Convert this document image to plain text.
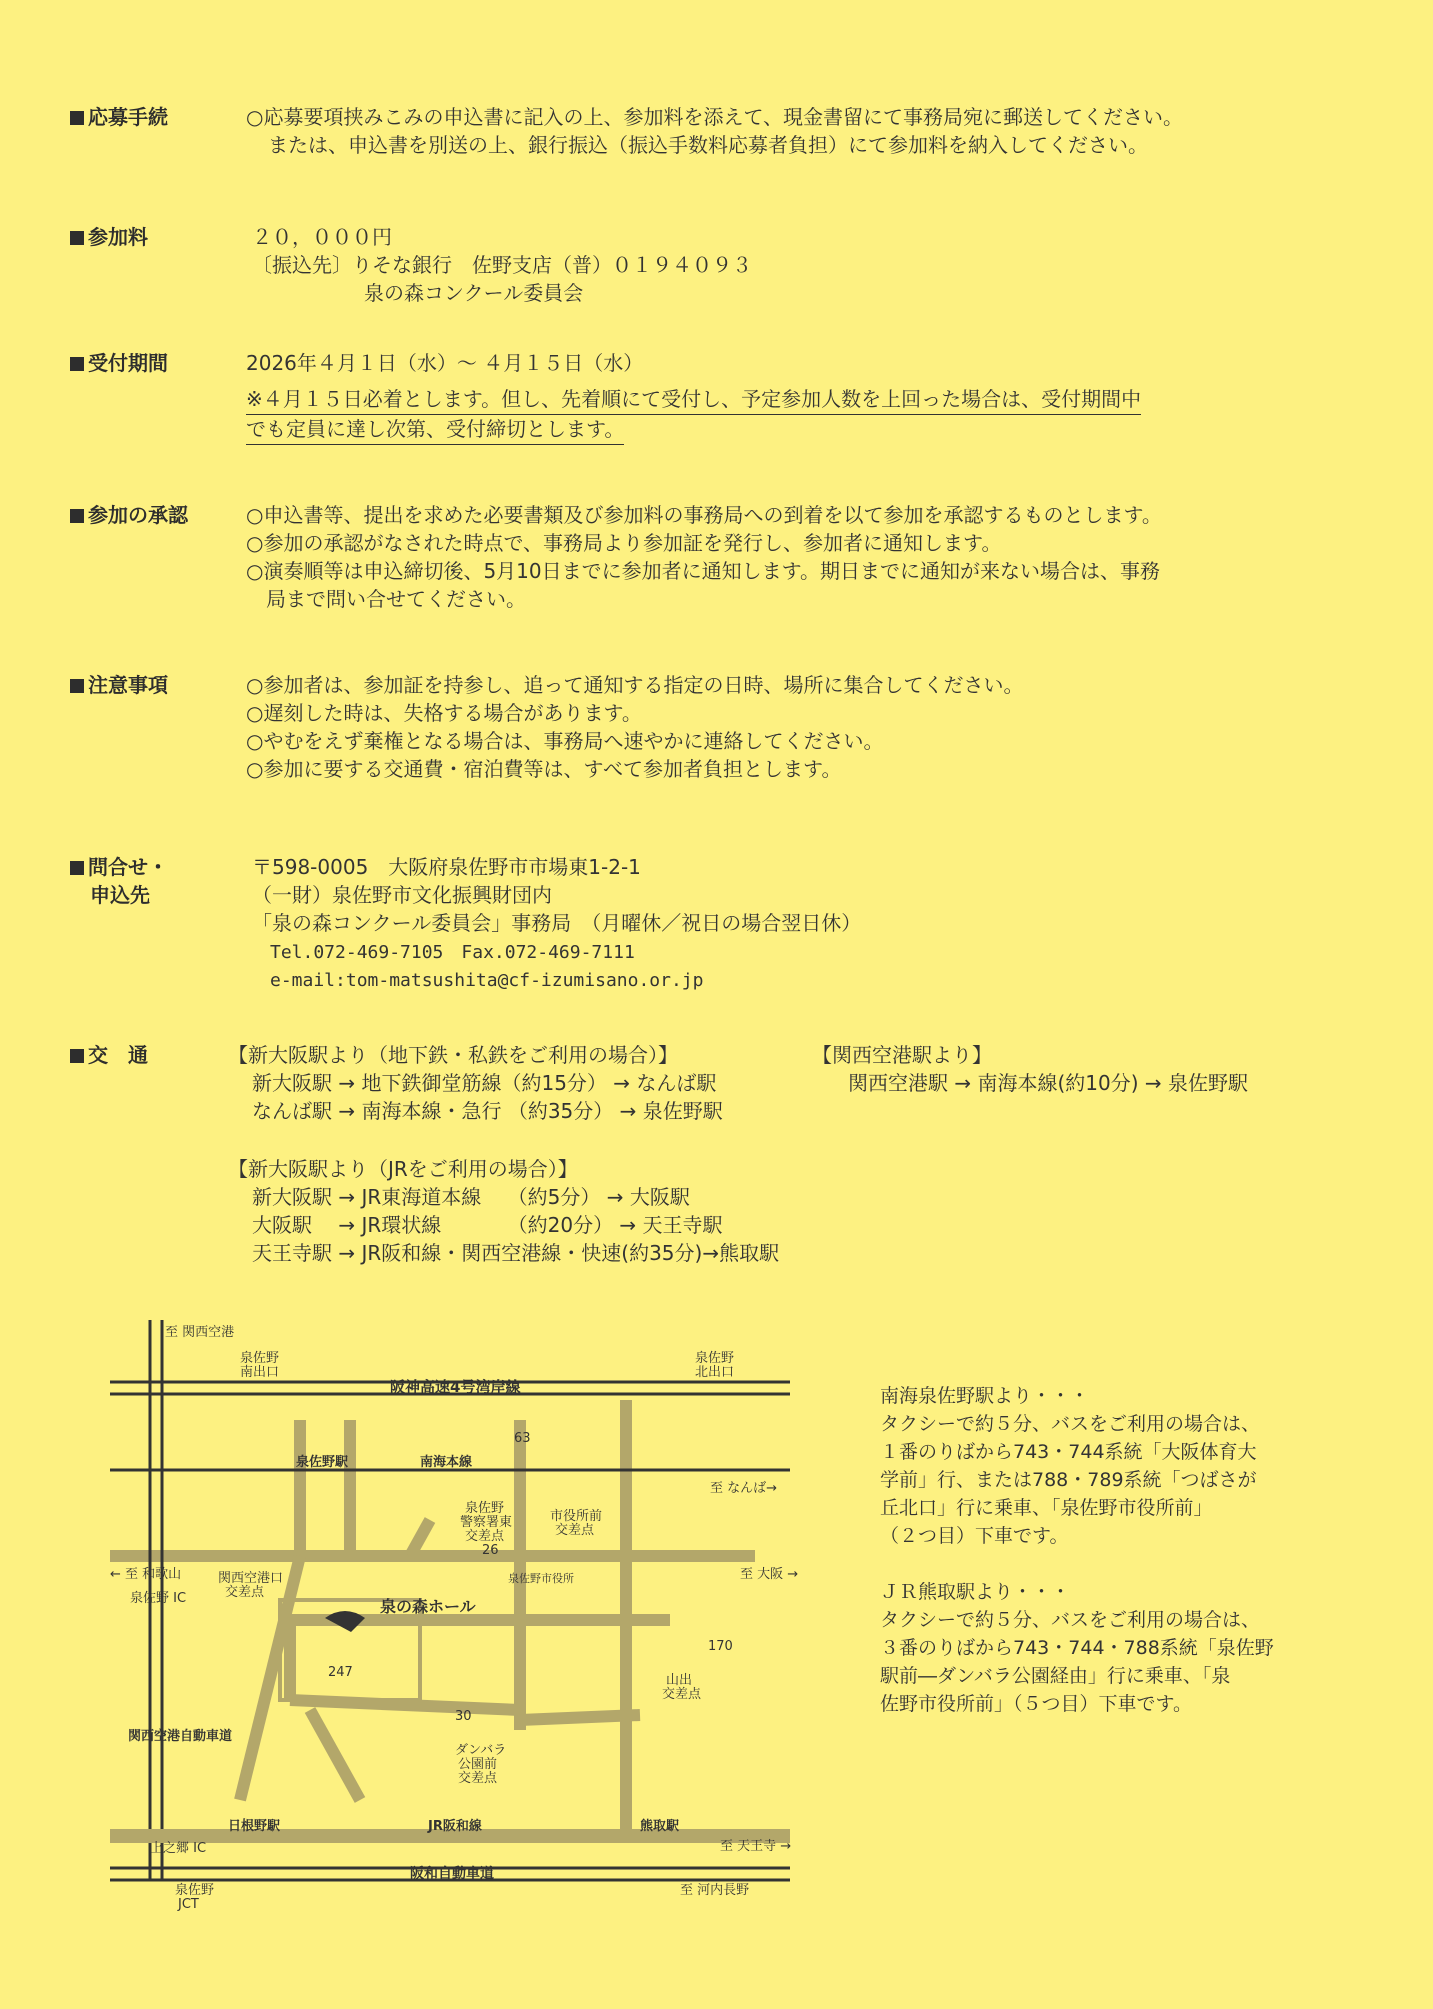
応募手続	○応募要項挟みこみの申込書に記入の上、参加料を添えて、現金書留にて事務局宛に郵送してください。
または、申込書を別送の上、銀行振込（振込手数料応募者負担）にて参加料を納入してください。
参加料	２０，０００円
〔振込先〕りそな銀行　佐野支店（普）０１９４０９３
泉の森コンクール委員会
受付期間	2026年４月１日（水）～ ４月１５日（水）
※４月１５日必着とします。但し、先着順にて受付し、予定参加人数を上回った場合は、受付期間中
でも定員に達し次第、受付締切とします。
参加の承認	○申込書等、提出を求めた必要書類及び参加料の事務局への到着を以て参加を承認するものとします。
○参加の承認がなされた時点で、事務局より参加証を発行し、参加者に通知します。
○演奏順等は申込締切後、5月10日までに参加者に通知します。期日までに通知が来ない場合は、事務
　局まで問い合せてください。
注意事項	○参加者は、参加証を持参し、追って通知する指定の日時、場所に集合してください。
○遅刻した時は、失格する場合があります。
○やむをえず棄権となる場合は、事務局へ速やかに連絡してください。
○参加に要する交通費・宿泊費等は、すべて参加者負担とします。
問合せ・
申込先
〒598-0005　大阪府泉佐野市市場東1-2-1
（一財）泉佐野市文化振興財団内
「泉の森コンクール委員会」事務局　（月曜休／祝日の場合翌日休）
　Tel.072-469-7105　Fax.072-469-7111
　e-mail:tom-matsushita@cf-izumisano.or.jp
交　通	【新大阪駅より（地下鉄・私鉄をご利用の場合）】
新大阪駅 → 地下鉄御堂筋線（約15分） → なんば駅
なんば駅 → 南海本線・急行 （約35分） → 泉佐野駅
【関西空港駅より】
関西空港駅 → 南海本線(約10分) → 泉佐野駅
【新大阪駅より（JRをご利用の場合）】
新大阪駅 → JR東海道本線　 （約5分） → 大阪駅
大阪駅　 → JR環状線　　　 （約20分） → 天王寺駅
天王寺駅 → JR阪和線・関西空港線・快速(約35分)→熊取駅
至 関西空港
泉佐野
南出口
泉佐野
北出口
阪神高速4号湾岸線
63
泉佐野駅	南海本線
至 なんば→
泉佐野
警察署東
交差点
市役所前
交差点
26
← 至 和歌山
泉佐野 IC
関西空港口
交差点
至 大阪 →
関西空港自動車道
泉の森ホール
泉佐野市役所
170
山出
交差点
247
30
ダンバラ
公園前
交差点
日根野駅	JR阪和線	熊取駅
上之郷 IC	至 天王寺 →
阪和自動車道
泉佐野
JCT
至 河内長野
南海泉佐野駅より・・・
タクシーで約５分、バスをご利用の場合は、
１番のりばから743・744系統「大阪体育大
学前」行、または788・789系統「つばさが
丘北口」行に乗車、「泉佐野市役所前」
（２つ目）下車です。
ＪＲ熊取駅より・・・
タクシーで約５分、バスをご利用の場合は、
３番のりばから743・744・788系統「泉佐野
駅前―ダンバラ公園経由」行に乗車、「泉
佐野市役所前」（５つ目）下車です。
